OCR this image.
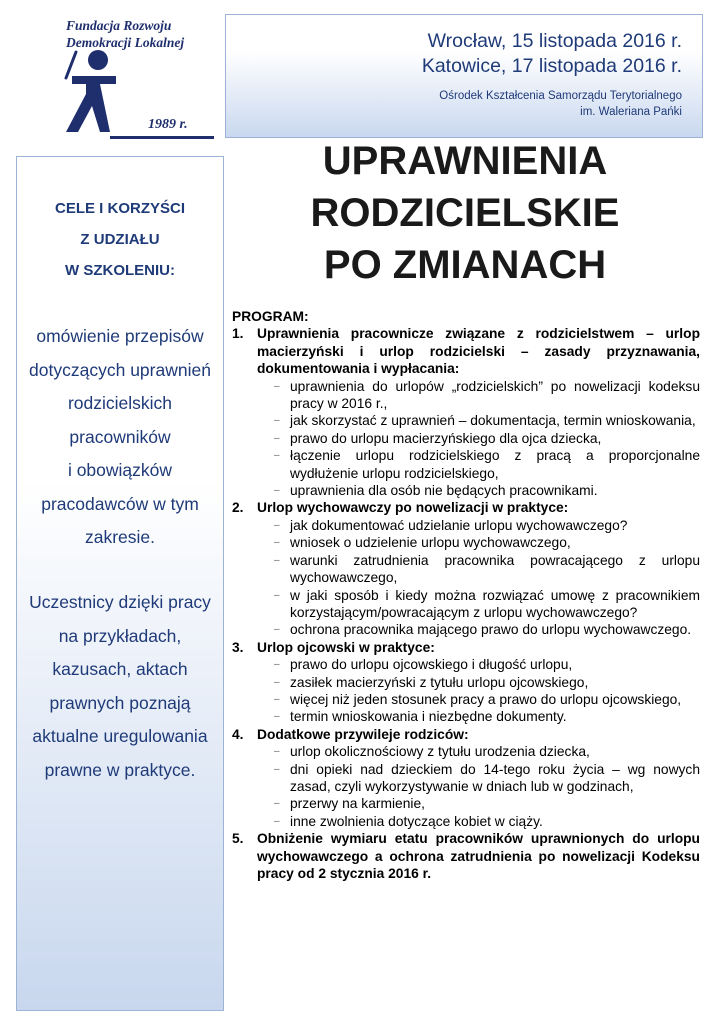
Fundacja Rozwoju
Demokracji Lokalnej
1989 r.
Wrocław, 15 listopada 2016 r.
Katowice, 17 listopada 2016 r.
Ośrodek Kształcenia Samorządu Terytorialnego
im. Waleriana Pańki
UPRAWNIENIA
RODZICIELSKIE
PO ZMIANACH
CELE I KORZYŚCI
Z UDZIAŁU
W SZKOLENIU:
omówienie przepisów
dotyczących uprawnień
rodzicielskich
pracowników
i obowiązków
pracodawców w tym
zakresie.
Uczestnicy dzięki pracy
na przykładach,
kazusach, aktach
prawnych poznają
aktualne uregulowania
prawne w praktyce.
PROGRAM:
1. Uprawnienia pracownicze związane z rodzicielstwem – urlop macierzyński i urlop rodzicielski – zasady przyznawania, dokumentowania i wypłacania:
– uprawnienia do urlopów „rodzicielskich” po nowelizacji kodeksu pracy w 2016 r.,
– jak skorzystać z uprawnień – dokumentacja, termin wnioskowania,
– prawo do urlopu macierzyńskiego dla ojca dziecka,
– łączenie urlopu rodzicielskiego z pracą a proporcjonalne wydłużenie urlopu rodzicielskiego,
– uprawnienia dla osób nie będących pracownikami.
2. Urlop wychowawczy po nowelizacji w praktyce:
– jak dokumentować udzielanie urlopu wychowawczego?
– wniosek o udzielenie urlopu wychowawczego,
– warunki zatrudnienia pracownika powracającego z urlopu wychowawczego,
– w jaki sposób i kiedy można rozwiązać umowę z pracownikiem korzystającym/powracającym z urlopu wychowawczego?
– ochrona pracownika mającego prawo do urlopu wychowawczego.
3. Urlop ojcowski w praktyce:
– prawo do urlopu ojcowskiego i długość urlopu,
– zasiłek macierzyński z tytułu urlopu ojcowskiego,
– więcej niż jeden stosunek pracy a prawo do urlopu ojcowskiego,
– termin wnioskowania i niezbędne dokumenty.
4. Dodatkowe przywileje rodziców:
– urlop okolicznościowy z tytułu urodzenia dziecka,
– dni opieki nad dzieckiem do 14-tego roku życia – wg nowych zasad, czyli wykorzystywanie w dniach lub w godzinach,
– przerwy na karmienie,
– inne zwolnienia dotyczące kobiet w ciąży.
5. Obniżenie wymiaru etatu pracowników uprawnionych do urlopu wychowawczego a ochrona zatrudnienia po nowelizacji Kodeksu pracy od 2 stycznia 2016 r.
